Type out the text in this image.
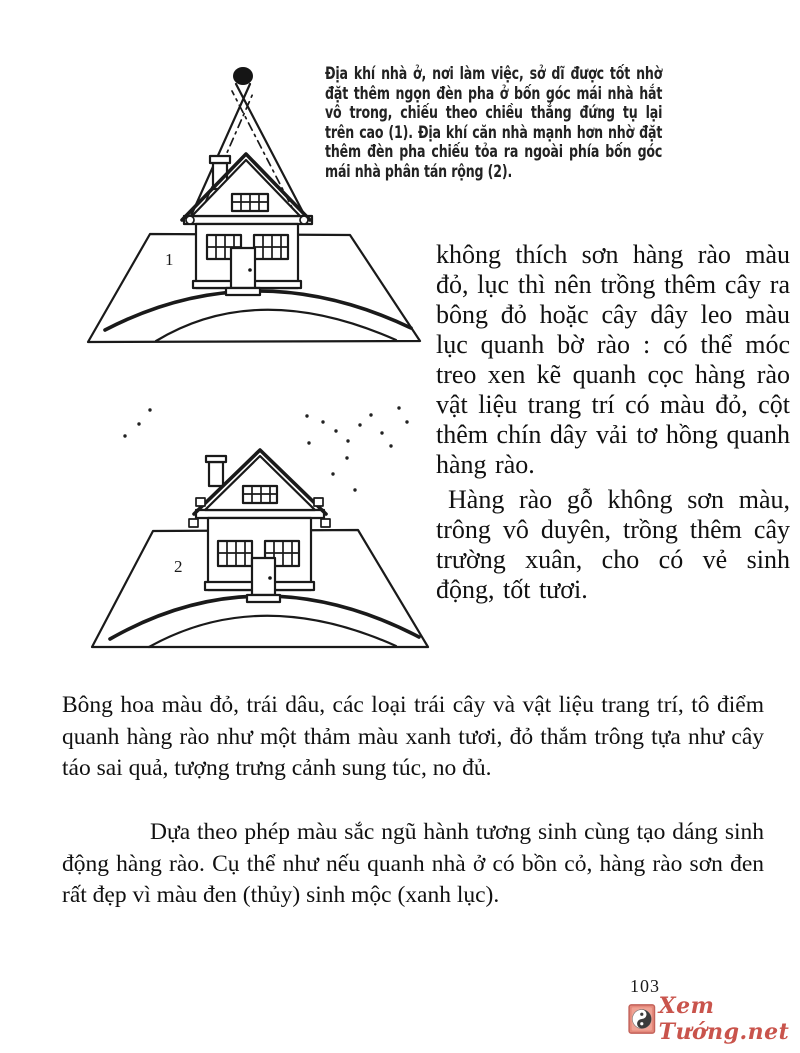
Địa khí nhà ở, nơi làm việc, sở dĩ được tốt nhờ đặt thêm ngọn đèn pha ở bốn góc mái nhà hắt vô trong, chiếu theo chiều thẳng đứng tụ lại trên cao (1). Địa khí căn nhà mạnh hơn nhờ đặt thêm đèn pha chiếu tỏa ra ngoài phía bốn góc mái nhà phân tán rộng (2).
1
2

không thích sơn hàng rào màu đỏ, lục thì nên trồng thêm cây ra bông đỏ hoặc cây dây leo màu lục quanh bờ rào : có thể móc treo xen kẽ quanh cọc hàng rào vật liệu trang trí có màu đỏ, cột thêm chín dây vải tơ hồng quanh hàng rào.

Hàng rào gỗ không sơn màu, trông vô duyên, trồng thêm cây trường xuân, cho có vẻ sinh động, tốt tươi.

Bông hoa màu đỏ, trái dâu, các loại trái cây và vật liệu trang trí, tô điểm quanh hàng rào như một thảm màu xanh tươi, đỏ thắm trông tựa như cây táo sai quả, tượng trưng cảnh sung túc, no đủ.

Dựa theo phép màu sắc ngũ hành tương sinh cùng tạo dáng sinh động hàng rào. Cụ thể như nếu quanh nhà ở có bồn cỏ, hàng rào sơn đen rất đẹp vì màu đen (thủy) sinh mộc (xanh lục).

103
Xem Tướng.net
